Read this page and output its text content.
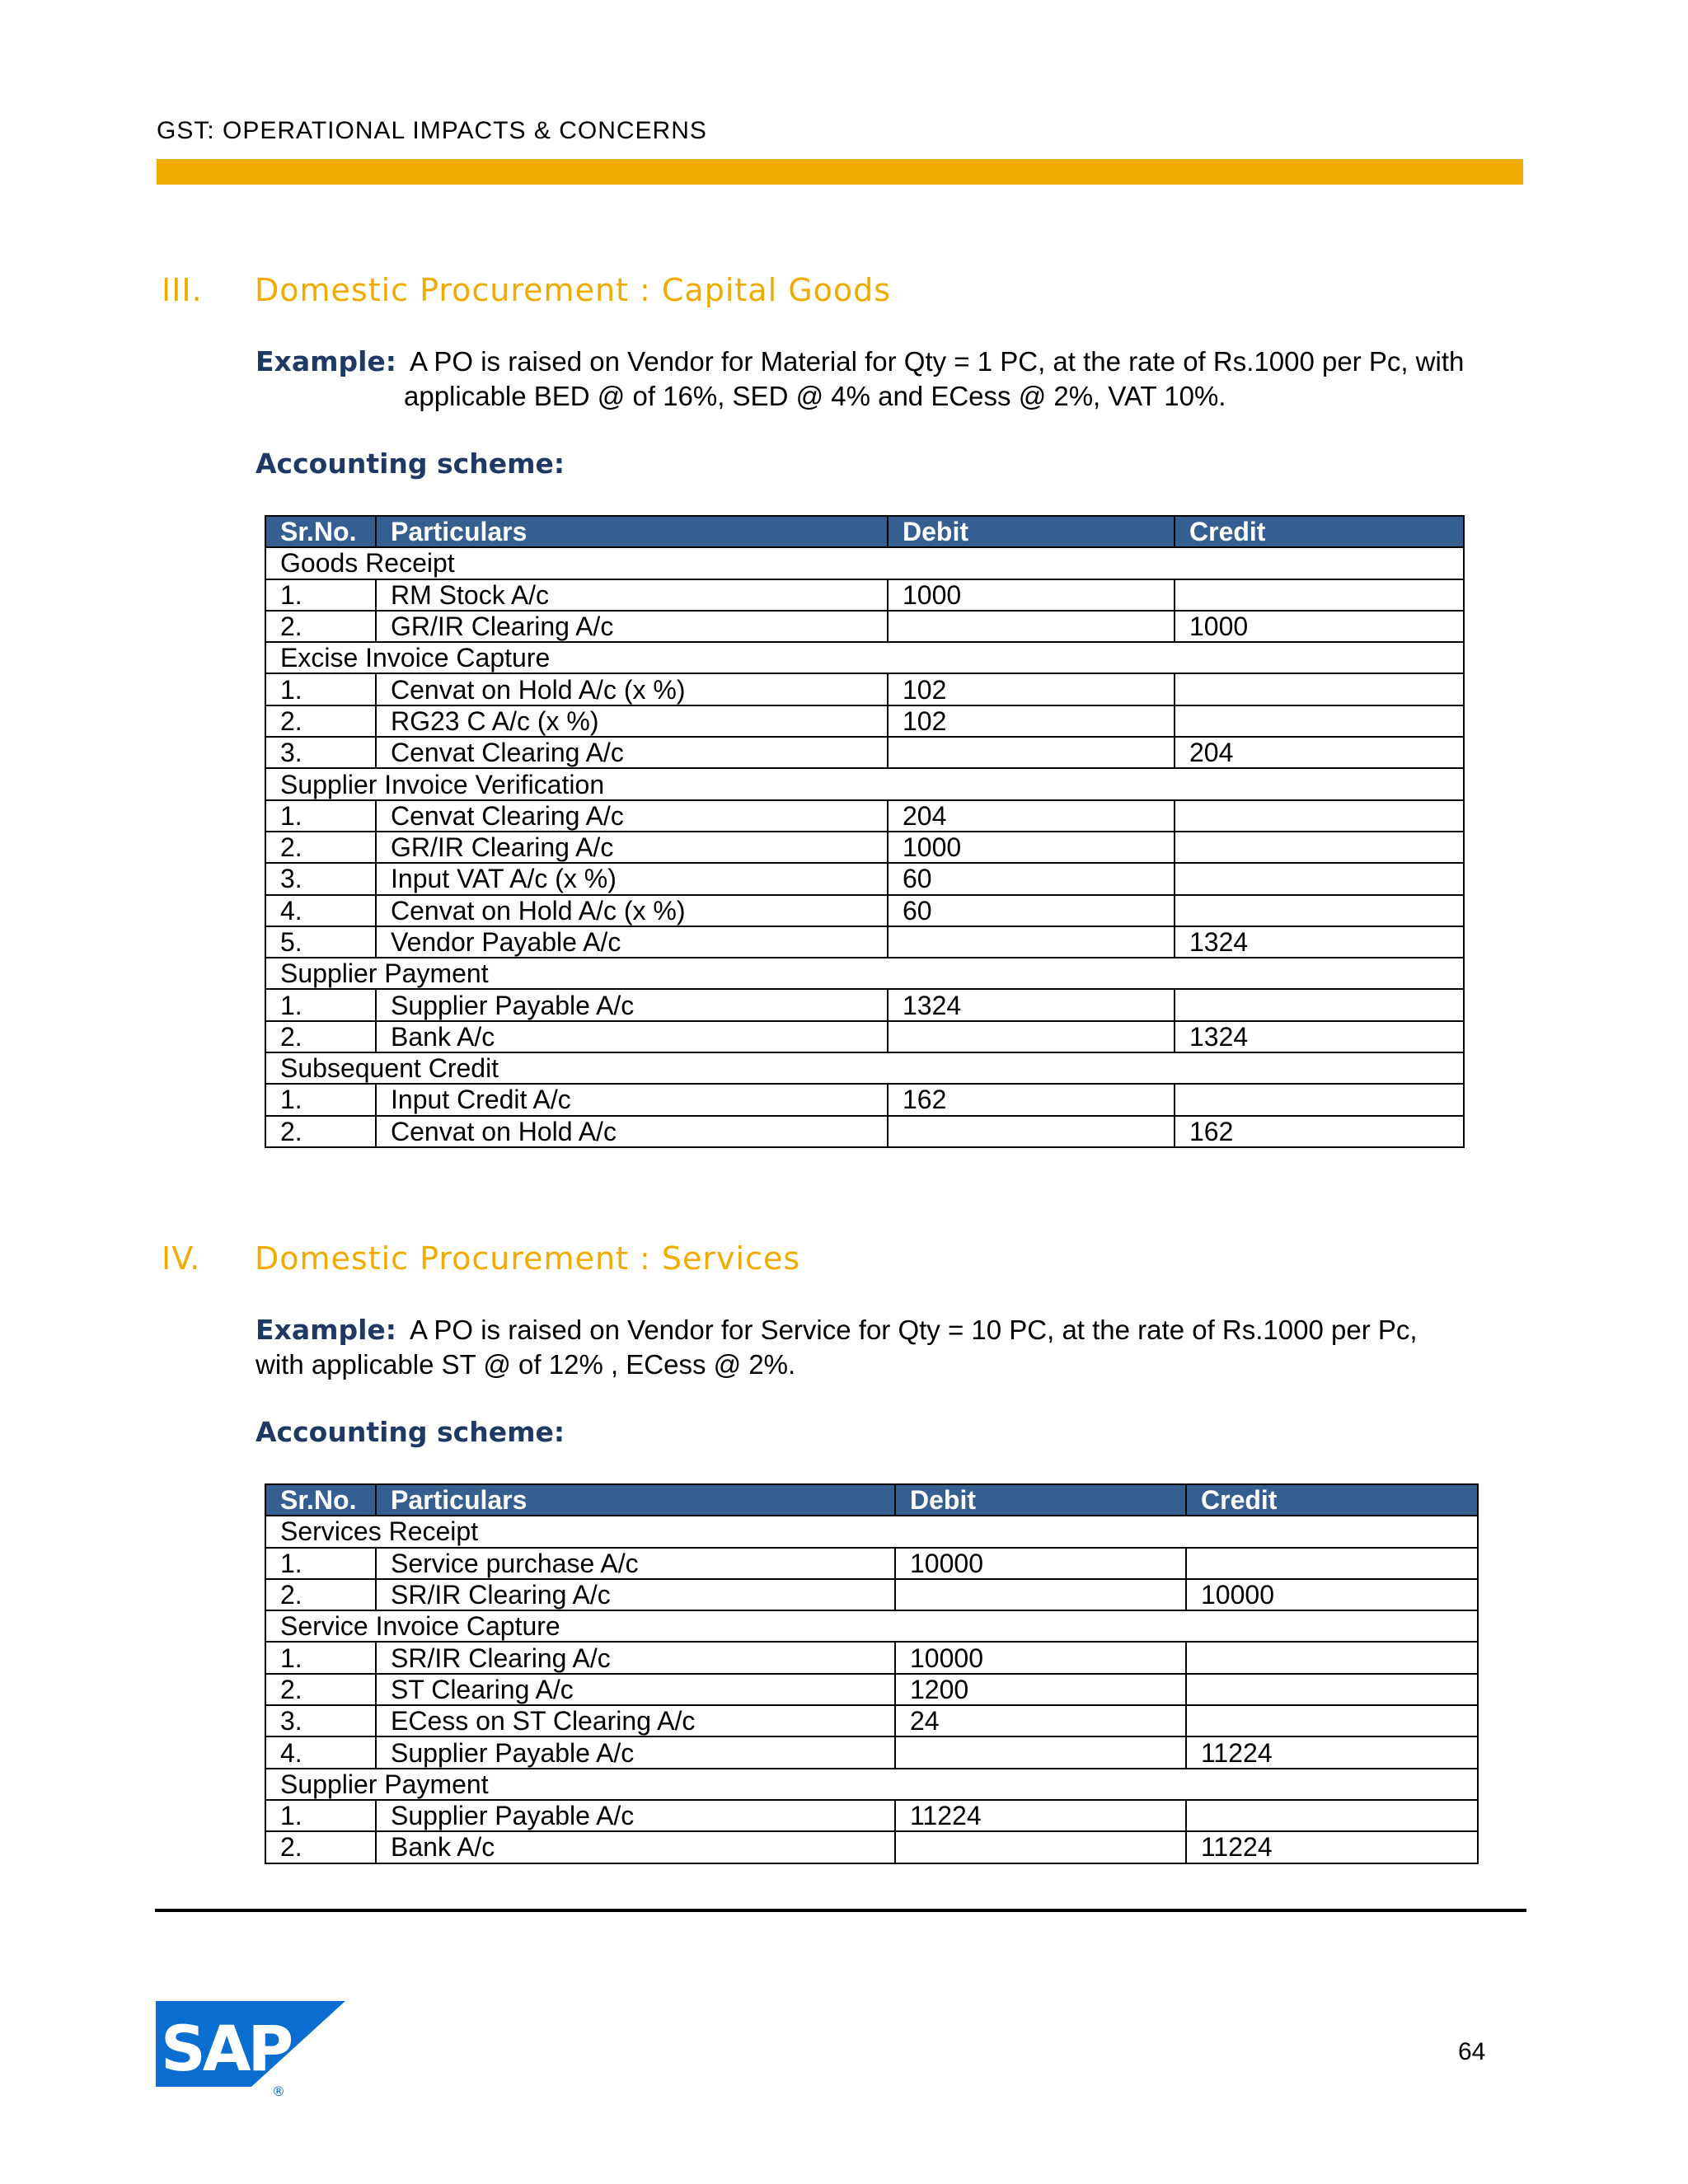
GST: OPERATIONAL IMPACTS & CONCERNS
III. Domestic Procurement : Capital Goods
Example: A PO is raised on Vendor for Material for Qty = 1 PC, at the rate of Rs.1000 per Pc, with
applicable BED @ of 16%, SED @ 4% and ECess @ 2%, VAT 10%.
Accounting scheme:
Sr.No.	Particulars	Debit	Credit
Goods Receipt			
1.	RM Stock A/c	1000	
2.	GR/IR Clearing A/c		1000
Excise Invoice Capture			
1.	Cenvat on Hold A/c (x %)	102	
2.	RG23 C A/c (x %)	102	
3.	Cenvat Clearing A/c		204
Supplier Invoice Verification			
1.	Cenvat Clearing A/c	204	
2.	GR/IR Clearing A/c	1000	
3.	Input VAT A/c (x %)	60	
4.	Cenvat on Hold A/c (x %)	60	
5.	Vendor Payable A/c		1324
Supplier Payment			
1.	Supplier Payable A/c	1324	
2.	Bank A/c		1324
Subsequent Credit			
1.	Input Credit A/c	162	
2.	Cenvat on Hold A/c		162
IV. Domestic Procurement : Services
Example: A PO is raised on Vendor for Service for Qty = 10 PC, at the rate of Rs.1000 per Pc,
with applicable ST @ of 12% , ECess @ 2%.
Accounting scheme:
Sr.No.	Particulars	Debit	Credit
Services Receipt			
1.	Service purchase A/c	10000	
2.	SR/IR Clearing A/c		10000
Service Invoice Capture			
1.	SR/IR Clearing A/c	10000	
2.	ST Clearing A/c	1200	
3.	ECess on ST Clearing A/c	24	
4.	Supplier Payable A/c		11224
Supplier Payment			
1.	Supplier Payable A/c	11224	
2.	Bank A/c		11224
SAP
®
64
